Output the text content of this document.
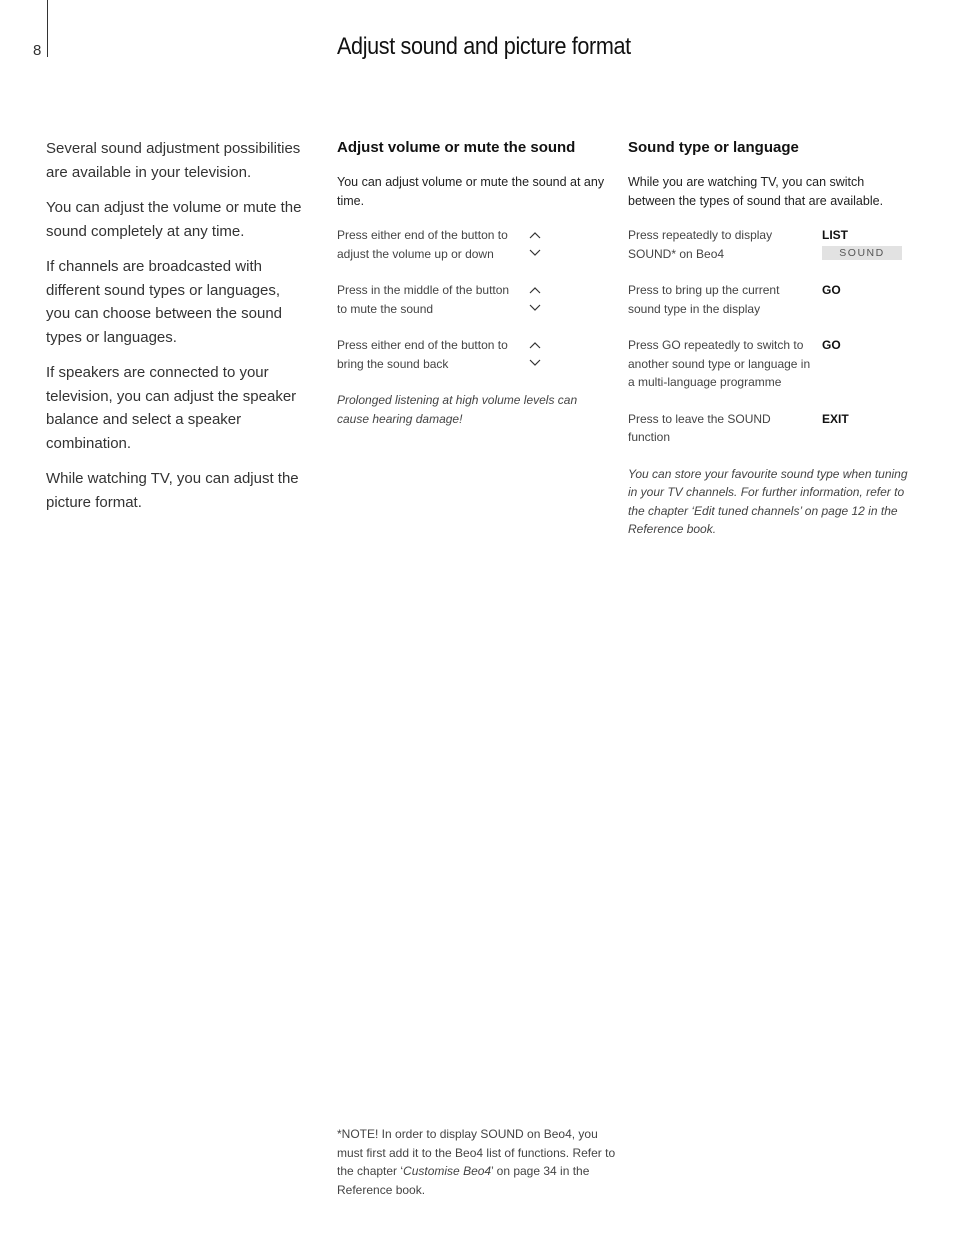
8	Adjust sound and picture format

Several sound adjustment possibilities are available in your television.

You can adjust the volume or mute the sound completely at any time.

If channels are broadcasted with different sound types or languages, you can choose between the sound types or languages.

If speakers are connected to your television, you can adjust the speaker balance and select a speaker combination.

While watching TV, you can adjust the picture format.

Adjust volume or mute the sound

You can adjust volume or mute the sound at any time.

Press either end of the button to adjust the volume up or down
Press in the middle of the button to mute the sound
Press either end of the button to bring the sound back

Prolonged listening at high volume levels can cause hearing damage!

Sound type or language

While you are watching TV, you can switch between the types of sound that are available.

Press repeatedly to display SOUND* on Beo4
LIST
SOUND
Press to bring up the current sound type in the display
GO
Press GO repeatedly to switch to another sound type or language in a multi-language programme
GO
Press to leave the SOUND function
EXIT

You can store your favourite sound type when tuning in your TV channels. For further information, refer to the chapter ‘Edit tuned channels’ on page 12 in the Reference book.

*NOTE! In order to display SOUND on Beo4, you must first add it to the Beo4 list of functions. Refer to the chapter ‘Customise Beo4’ on page 34 in the Reference book.
